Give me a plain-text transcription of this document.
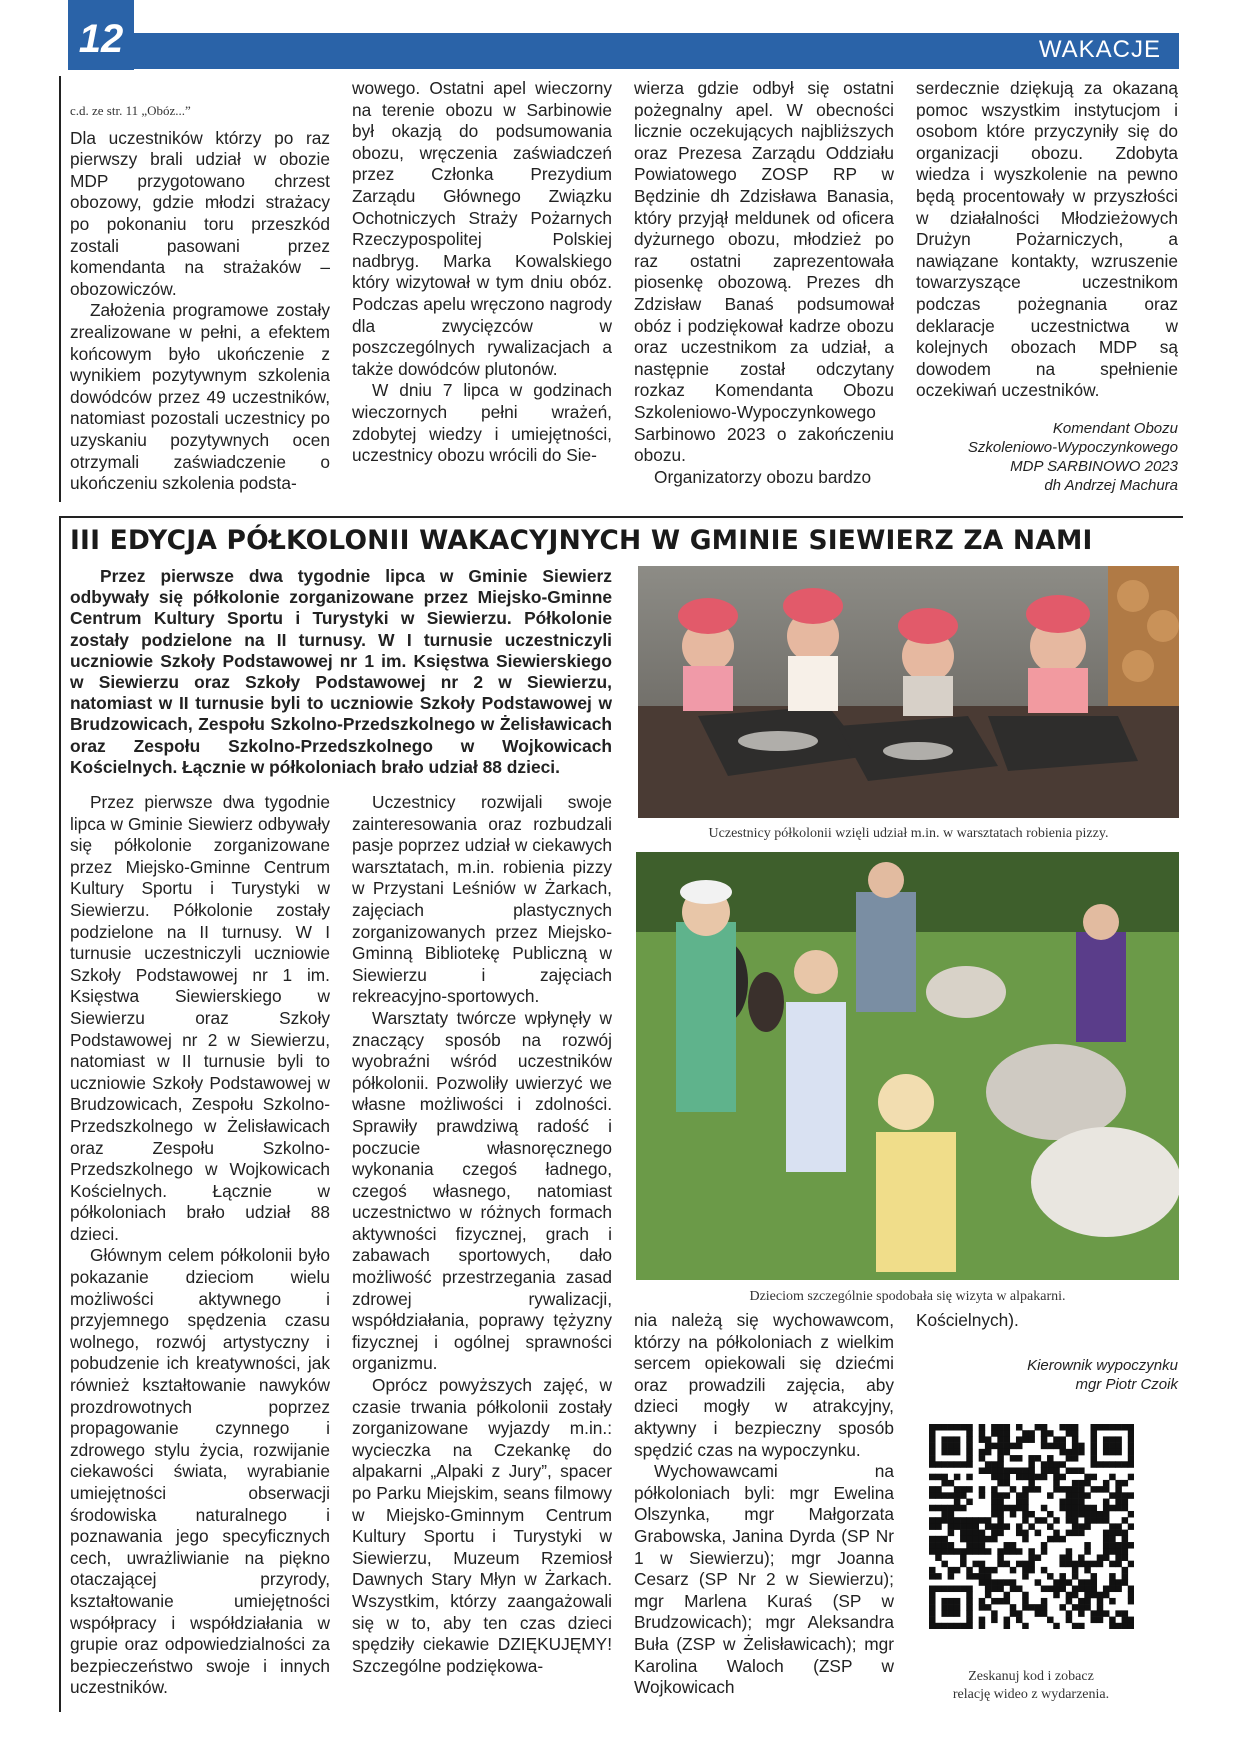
12	WAKACJE

c.d. ze str. 11 „Obóz...”

Dla uczestników którzy po raz pierwszy brali udział w obozie MDP przygotowano chrzest obozowy, gdzie młodzi strażacy po pokonaniu toru przeszkód zostali pasowani przez komendanta na strażaków – obozowiczów.

Założenia programowe zostały zrealizowane w pełni, a efektem końcowym było ukończenie z wynikiem pozytywnym szkolenia dowódców przez 49 uczestników, natomiast pozostali uczestnicy po uzyskaniu pozytywnych ocen otrzymali zaświadczenie o ukończeniu szkolenia podsta-

wowego. Ostatni apel wieczorny na terenie obozu w Sarbinowie był okazją do podsumowania obozu, wręczenia zaświadczeń przez Członka Prezydium Zarządu Głównego Związku Ochotniczych Straży Pożarnych Rzeczypospolitej Polskiej nadbryg. Marka Kowalskiego który wizytował w tym dniu obóz. Podczas apelu wręczono nagrody dla zwycięzców w poszczególnych rywalizacjach a także dowódców plutonów.

W dniu 7 lipca w godzinach wieczornych pełni wrażeń, zdobytej wiedzy i umiejętności, uczestnicy obozu wrócili do Sie-

wierza gdzie odbył się ostatni pożegnalny apel. W obecności licznie oczekujących najbliższych oraz Prezesa Zarządu Oddziału Powiatowego ZOSP RP w Będzinie dh Zdzisława Banasia, który przyjął meldunek od oficera dyżurnego obozu, młodzież po raz ostatni zaprezentowała piosenkę obozową. Prezes dh Zdzisław Banaś podsumował obóz i podziękował kadrze obozu oraz uczestnikom za udział, a następnie został odczytany rozkaz Komendanta Obozu Szkoleniowo-Wypoczynkowego Sarbinowo 2023 o zakończeniu obozu.

Organizatorzy obozu bardzo

serdecznie dziękują za okazaną pomoc wszystkim instytucjom i osobom które przyczyniły się do organizacji obozu. Zdobyta wiedza i wyszkolenie na pewno będą procentowały w przyszłości w działalności Młodzieżowych Drużyn Pożarniczych, a nawiązane kontakty, wzruszenie towarzyszące uczestnikom podczas pożegnania oraz deklaracje uczestnictwa w kolejnych obozach MDP są dowodem na spełnienie oczekiwań uczestników.

Komendant Obozu
Szkoleniowo-Wypoczynkowego
MDP SARBINOWO 2023
dh Andrzej Machura
III EDYCJA PÓŁKOLONII WAKACYJNYCH W GMINIE SIEWIERZ ZA NAMI
Przez pierwsze dwa tygodnie lipca w Gminie Siewierz odbywały się półkolonie zorganizowane przez Miejsko-Gminne Centrum Kultury Sportu i Turystyki w Siewierzu. Półkolonie zostały podzielone na II turnusy. W I turnusie uczestniczyli uczniowie Szkoły Podstawowej nr 1 im. Księstwa Siewierskiego w Siewierzu oraz Szkoły Podstawowej nr 2 w Siewierzu, natomiast w II turnusie byli to uczniowie Szkoły Podstawowej w Brudzowicach, Zespołu Szkolno-Przedszkolnego w Żelisławicach oraz Zespołu Szkolno-Przedszkolnego w Wojkowicach Kościelnych. Łącznie w półkoloniach brało udział 88 dzieci.

Przez pierwsze dwa tygodnie lipca w Gminie Siewierz odbywały się półkolonie zorganizowane przez Miejsko-Gminne Centrum Kultury Sportu i Turystyki w Siewierzu. Półkolonie zostały podzielone na II turnusy. W I turnusie uczestniczyli uczniowie Szkoły Podstawowej nr 1 im. Księstwa Siewierskiego w Siewierzu oraz Szkoły Podstawowej nr 2 w Siewierzu, natomiast w II turnusie byli to uczniowie Szkoły Podstawowej w Brudzowicach, Zespołu Szkolno-Przedszkolnego w Żelisławicach oraz Zespołu Szkolno-Przedszkolnego w Wojkowicach Kościelnych. Łącznie w półkoloniach brało udział 88 dzieci.

Głównym celem półkolonii było pokazanie dzieciom wielu możliwości aktywnego i przyjemnego spędzenia czasu wolnego, rozwój artystyczny i pobudzenie ich kreatywności, jak również kształtowanie nawyków prozdrowotnych poprzez propagowanie czynnego i zdrowego stylu życia, rozwijanie ciekawości świata, wyrabianie umiejętności obserwacji środowiska naturalnego i poznawania jego specyficznych cech, uwrażliwianie na piękno otaczającej przyrody, kształtowanie umiejętności współpracy i współdziałania w grupie oraz odpowiedzialności za bezpieczeństwo swoje i innych uczestników.

Uczestnicy rozwijali swoje zainteresowania oraz rozbudzali pasje poprzez udział w ciekawych warsztatach, m.in. robienia pizzy w Przystani Leśniów w Żarkach, zajęciach plastycznych zorganizowanych przez Miejsko-Gminną Bibliotekę Publiczną w Siewierzu i zajęciach rekreacyjno-sportowych.

Warsztaty twórcze wpłynęły w znaczący sposób na rozwój wyobraźni wśród uczestników półkolonii. Pozwoliły uwierzyć we własne możliwości i zdolności. Sprawiły prawdziwą radość i poczucie własnoręcznego wykonania czegoś ładnego, czegoś własnego, natomiast uczestnictwo w różnych formach aktywności fizycznej, grach i zabawach sportowych, dało możliwość przestrzegania zasad zdrowej rywalizacji, współdziałania, poprawy tężyzny fizycznej i ogólnej sprawności organizmu.

Oprócz powyższych zajęć, w czasie trwania półkolonii zostały zorganizowane wyjazdy m.in.: wycieczka na Czekankę do alpakarni „Alpaki z Jury”, spacer po Parku Miejskim, seans filmowy w Miejsko-Gminnym Centrum Kultury Sportu i Turystyki w Siewierzu, Muzeum Rzemiosł Dawnych Stary Młyn w Żarkach. Wszystkim, którzy zaangażowali się w to, aby ten czas dzieci spędziły ciekawie DZIĘKUJĘMY! Szczególne podziękowa-

Uczestnicy półkolonii wzięli udział m.in. w warsztatach robienia pizzy.
Dzieciom szczególnie spodobała się wizyta w alpakarni.

nia należą się wychowawcom, którzy na półkoloniach z wielkim sercem opiekowali się dziećmi oraz prowadzili zajęcia, aby dzieci mogły w atrakcyjny, aktywny i bezpieczny sposób spędzić czas na wypoczynku.

Wychowawcami na półkoloniach byli: mgr Ewelina Olszynka, mgr Małgorzata Grabowska, Janina Dyrda (SP Nr 1 w Siewierzu); mgr Joanna Cesarz (SP Nr 2 w Siewierzu); mgr Marlena Kuraś (SP w Brudzowicach); mgr Aleksandra Buła (ZSP w Żelisławicach); mgr Karolina Waloch (ZSP w Wojkowicach

Kościelnych).

Kierownik wypoczynku
mgr Piotr Czoik
Zeskanuj kod i zobacz
relację wideo z wydarzenia.
